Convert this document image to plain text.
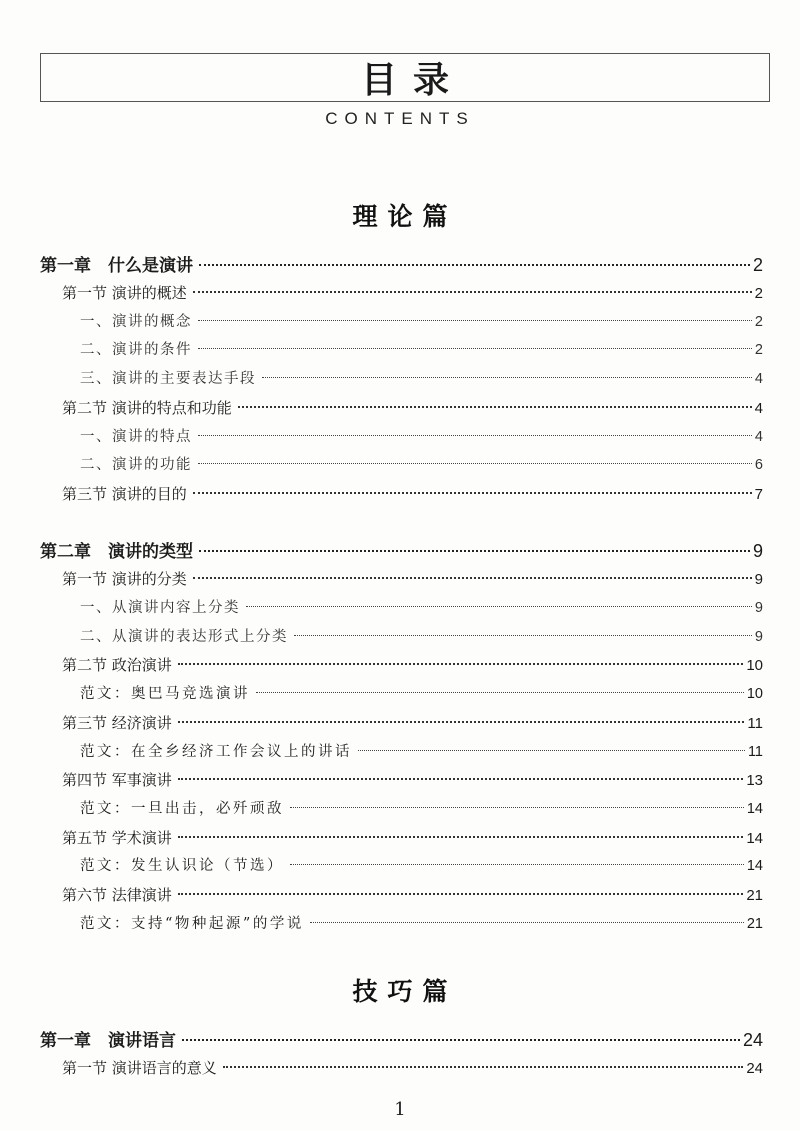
目录
CONTENTS
理论篇
第一章　什么是演讲	2
第一节 演讲的概述	2
一、演讲的概念	2
二、演讲的条件	2
三、演讲的主要表达手段	4
第二节 演讲的特点和功能	4
一、演讲的特点	4
二、演讲的功能	6
第三节 演讲的目的	7
第二章　演讲的类型	9
第一节 演讲的分类	9
一、从演讲内容上分类	9
二、从演讲的表达形式上分类	9
第二节 政治演讲	10
范文：奥巴马竞选演讲	10
第三节 经济演讲	11
范文：在全乡经济工作会议上的讲话	11
第四节 军事演讲	13
范文：一旦出击，必歼顽敌	14
第五节 学术演讲	14
范文：发生认识论（节选）	14
第六节 法律演讲	21
范文：支持“物种起源”的学说	21
技巧篇
第一章　演讲语言	24
第一节 演讲语言的意义	24
1
